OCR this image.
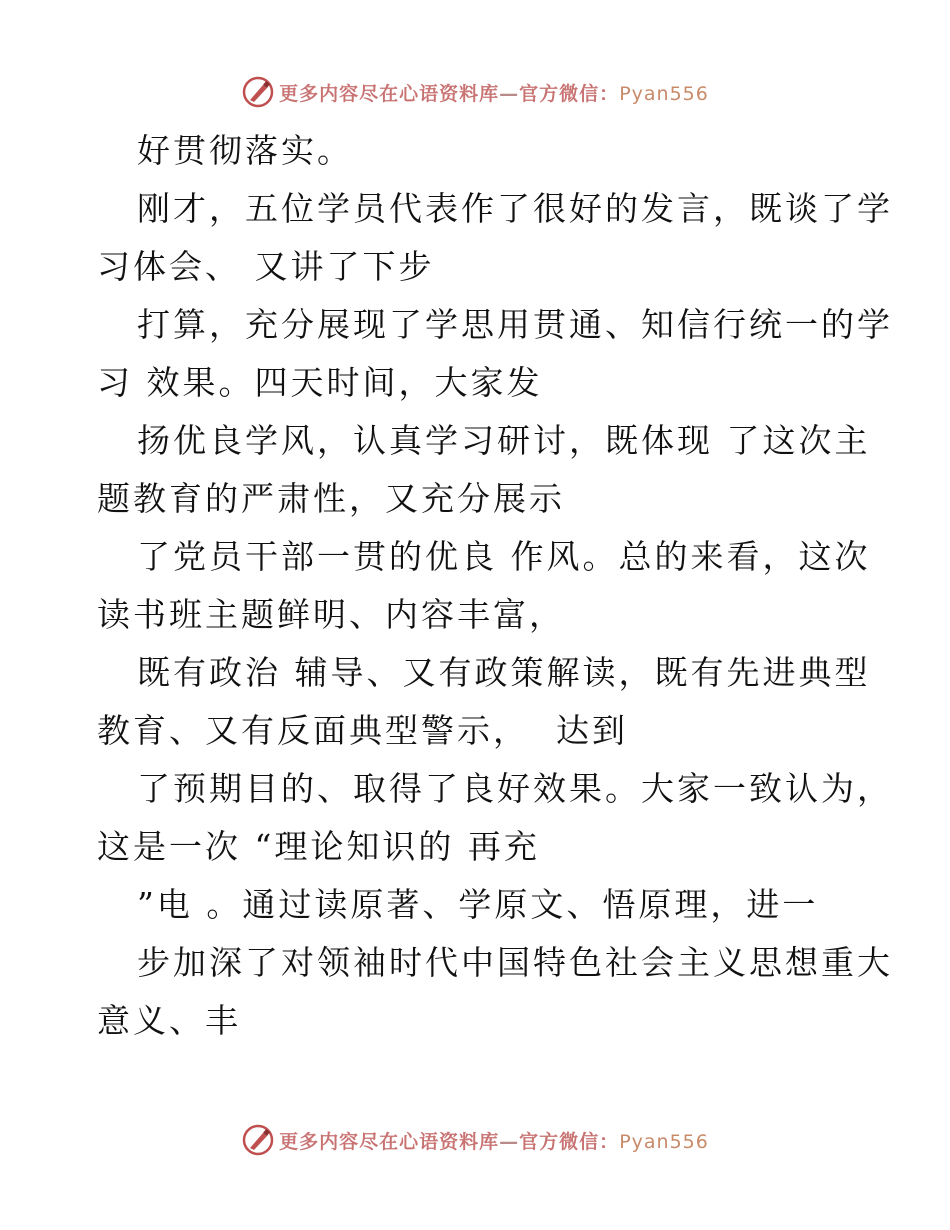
更多内容尽在心语资料库—官方微信：Pyan556
好贯彻落实。
刚才，五位学员代表作了很好的发言，既谈了学
习体会、 又讲了下步
打算，充分展现了学思用贯通、知信行统一的学
习 效果。四天时间，大家发
扬优良学风，认真学习研讨，既体现 了这次主
题教育的严肃性，又充分展示
了党员干部一贯的优良 作风。总的来看，这次
读书班主题鲜明、内容丰富，
既有政治 辅导、又有政策解读，既有先进典型
教育、又有反面典型警示，  达到
了预期目的、取得了良好效果。大家一致认为，
这是一次 “理论知识的 再充
”电 。通过读原著、学原文、悟原理，进一
步加深了对领袖时代中国特色社会主义思想重大
意义、丰
更多内容尽在心语资料库—官方微信：Pyan556
